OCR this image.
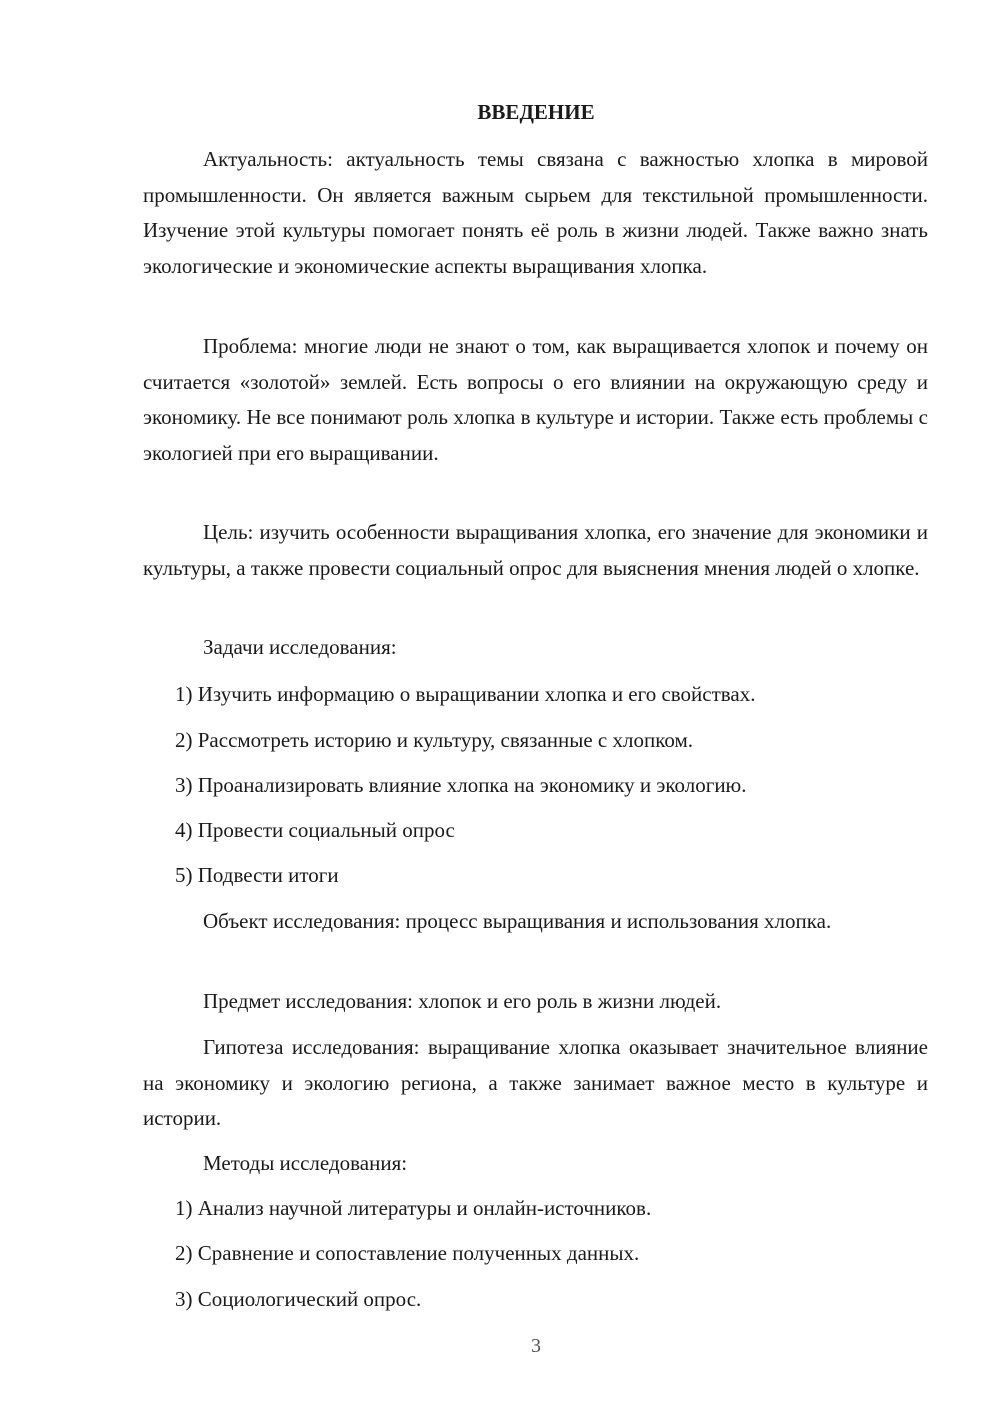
ВВЕДЕНИЕ

Актуальность: актуальность темы связана с важностью хлопка в мировой промышленности. Он является важным сырьем для текстильной промышленности. Изучение этой культуры помогает понять её роль в жизни людей. Также важно знать экологические и экономические аспекты выращивания хлопка.

Проблема: многие люди не знают о том, как выращивается хлопок и почему он считается «золотой» землей. Есть вопросы о его влиянии на окружающую среду и экономику. Не все понимают роль хлопка в культуре и истории. Также есть проблемы с экологией при его выращивании.

Цель: изучить особенности выращивания хлопка, его значение для экономики и культуры, а также провести социальный опрос для выяснения мнения людей о хлопке.

Задачи исследования:

1) Изучить информацию о выращивании хлопка и его свойствах.

2) Рассмотреть историю и культуру, связанные с хлопком.

3) Проанализировать влияние хлопка на экономику и экологию.

4) Провести социальный опрос

5) Подвести итоги

Объект исследования: процесс выращивания и использования хлопка.

Предмет исследования: хлопок и его роль в жизни людей.

Гипотеза исследования: выращивание хлопка оказывает значительное влияние на экономику и экологию региона, а также занимает важное место в культуре и истории.

Методы исследования:

1) Анализ научной литературы и онлайн-источников.

2) Сравнение и сопоставление полученных данных.

3) Социологический опрос.

3
